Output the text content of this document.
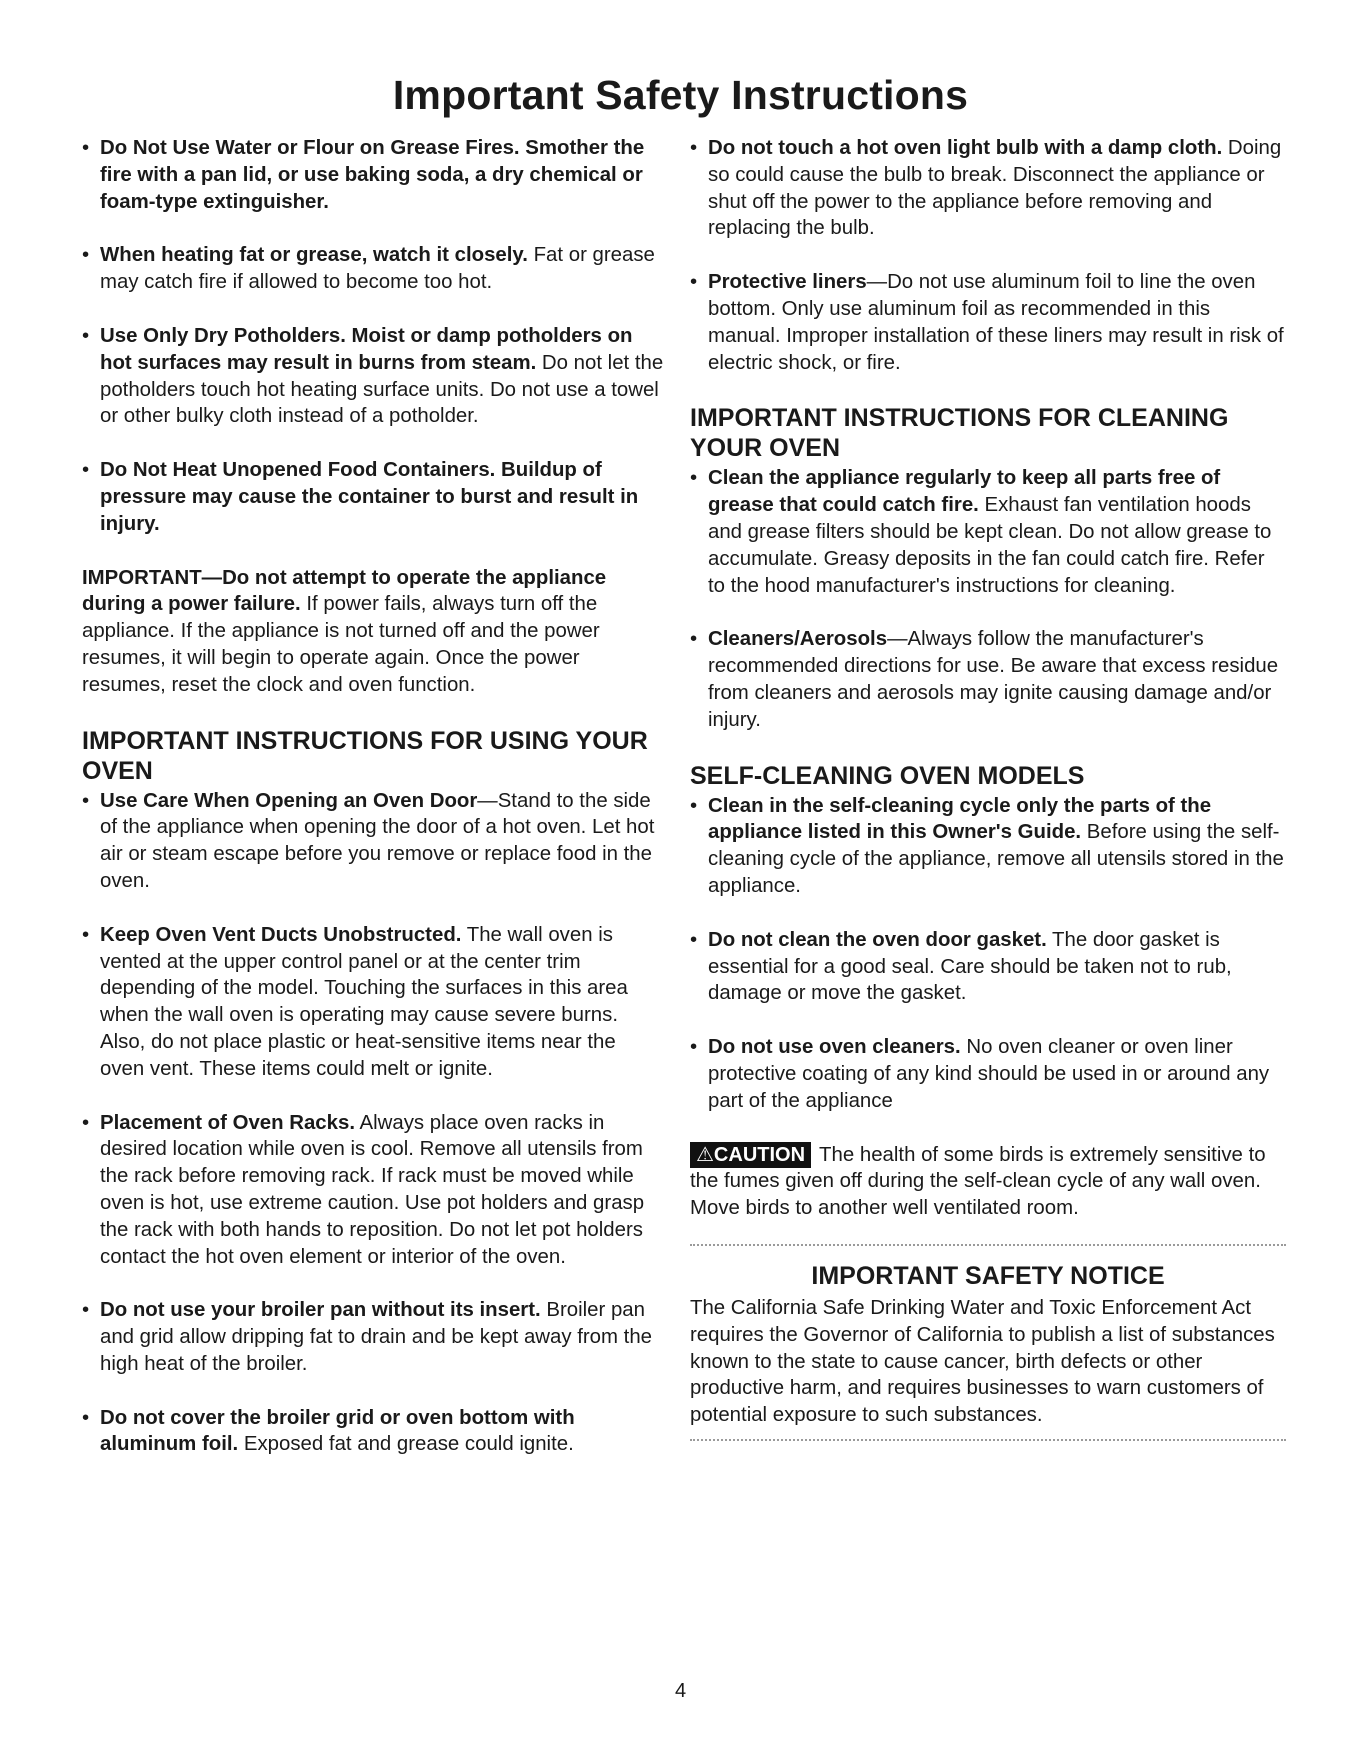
Important Safety Instructions

• Do Not Use Water or Flour on Grease Fires. Smother the fire with a pan lid, or use baking soda, a dry chemical or foam-type extinguisher.

• When heating fat or grease, watch it closely. Fat or grease may catch fire if allowed to become too hot.

• Use Only Dry Potholders. Moist or damp potholders on hot surfaces may result in burns from steam. Do not let the potholders touch hot heating surface units. Do not use a towel or other bulky cloth instead of a potholder.

• Do Not Heat Unopened Food Containers. Buildup of pressure may cause the container to burst and result in injury.

IMPORTANT—Do not attempt to operate the appliance during a power failure. If power fails, always turn off the appliance. If the appliance is not turned off and the power resumes, it will begin to operate again. Once the power resumes, reset the clock and oven function.

IMPORTANT INSTRUCTIONS FOR USING YOUR OVEN

• Use Care When Opening an Oven Door—Stand to the side of the appliance when opening the door of a hot oven. Let hot air or steam escape before you remove or replace food in the oven.

• Keep Oven Vent Ducts Unobstructed. The wall oven is vented at the upper control panel or at the center trim depending of the model. Touching the surfaces in this area when the wall oven is operating may cause severe burns. Also, do not place plastic or heat-sensitive items near the oven vent. These items could melt or ignite.

• Placement of Oven Racks. Always place oven racks in desired location while oven is cool. Remove all utensils from the rack before removing rack. If rack must be moved while oven is hot, use extreme caution. Use pot holders and grasp the rack with both hands to reposition. Do not let pot holders contact the hot oven element or interior of the oven.

• Do not use your broiler pan without its insert. Broiler pan and grid allow dripping fat to drain and be kept away from the high heat of the broiler.

• Do not cover the broiler grid or oven bottom with aluminum foil. Exposed fat and grease could ignite.

• Do not touch a hot oven light bulb with a damp cloth. Doing so could cause the bulb to break. Disconnect the appliance or shut off the power to the appliance before removing and replacing the bulb.

• Protective liners—Do not use aluminum foil to line the oven bottom. Only use aluminum foil as recommended in this manual. Improper installation of these liners may result in risk of electric shock, or fire.

IMPORTANT INSTRUCTIONS FOR CLEANING YOUR OVEN

• Clean the appliance regularly to keep all parts free of grease that could catch fire. Exhaust fan ventilation hoods and grease filters should be kept clean. Do not allow grease to accumulate. Greasy deposits in the fan could catch fire. Refer to the hood manufacturer's instructions for cleaning.

• Cleaners/Aerosols—Always follow the manufacturer's recommended directions for use. Be aware that excess residue from cleaners and aerosols may ignite causing damage and/or injury.

SELF-CLEANING OVEN MODELS

• Clean in the self-cleaning cycle only the parts of the appliance listed in this Owner's Guide. Before using the self-cleaning cycle of the appliance, remove all utensils stored in the appliance.

• Do not clean the oven door gasket. The door gasket is essential for a good seal. Care should be taken not to rub, damage or move the gasket.

• Do not use oven cleaners. No oven cleaner or oven liner protective coating of any kind should be used in or around any part of the appliance

⚠CAUTION The health of some birds is extremely sensitive to the fumes given off during the self-clean cycle of any wall oven. Move birds to another well ventilated room.

IMPORTANT SAFETY NOTICE

The California Safe Drinking Water and Toxic Enforcement Act requires the Governor of California to publish a list of substances known to the state to cause cancer, birth defects or other productive harm, and requires businesses to warn customers of potential exposure to such substances.

4
